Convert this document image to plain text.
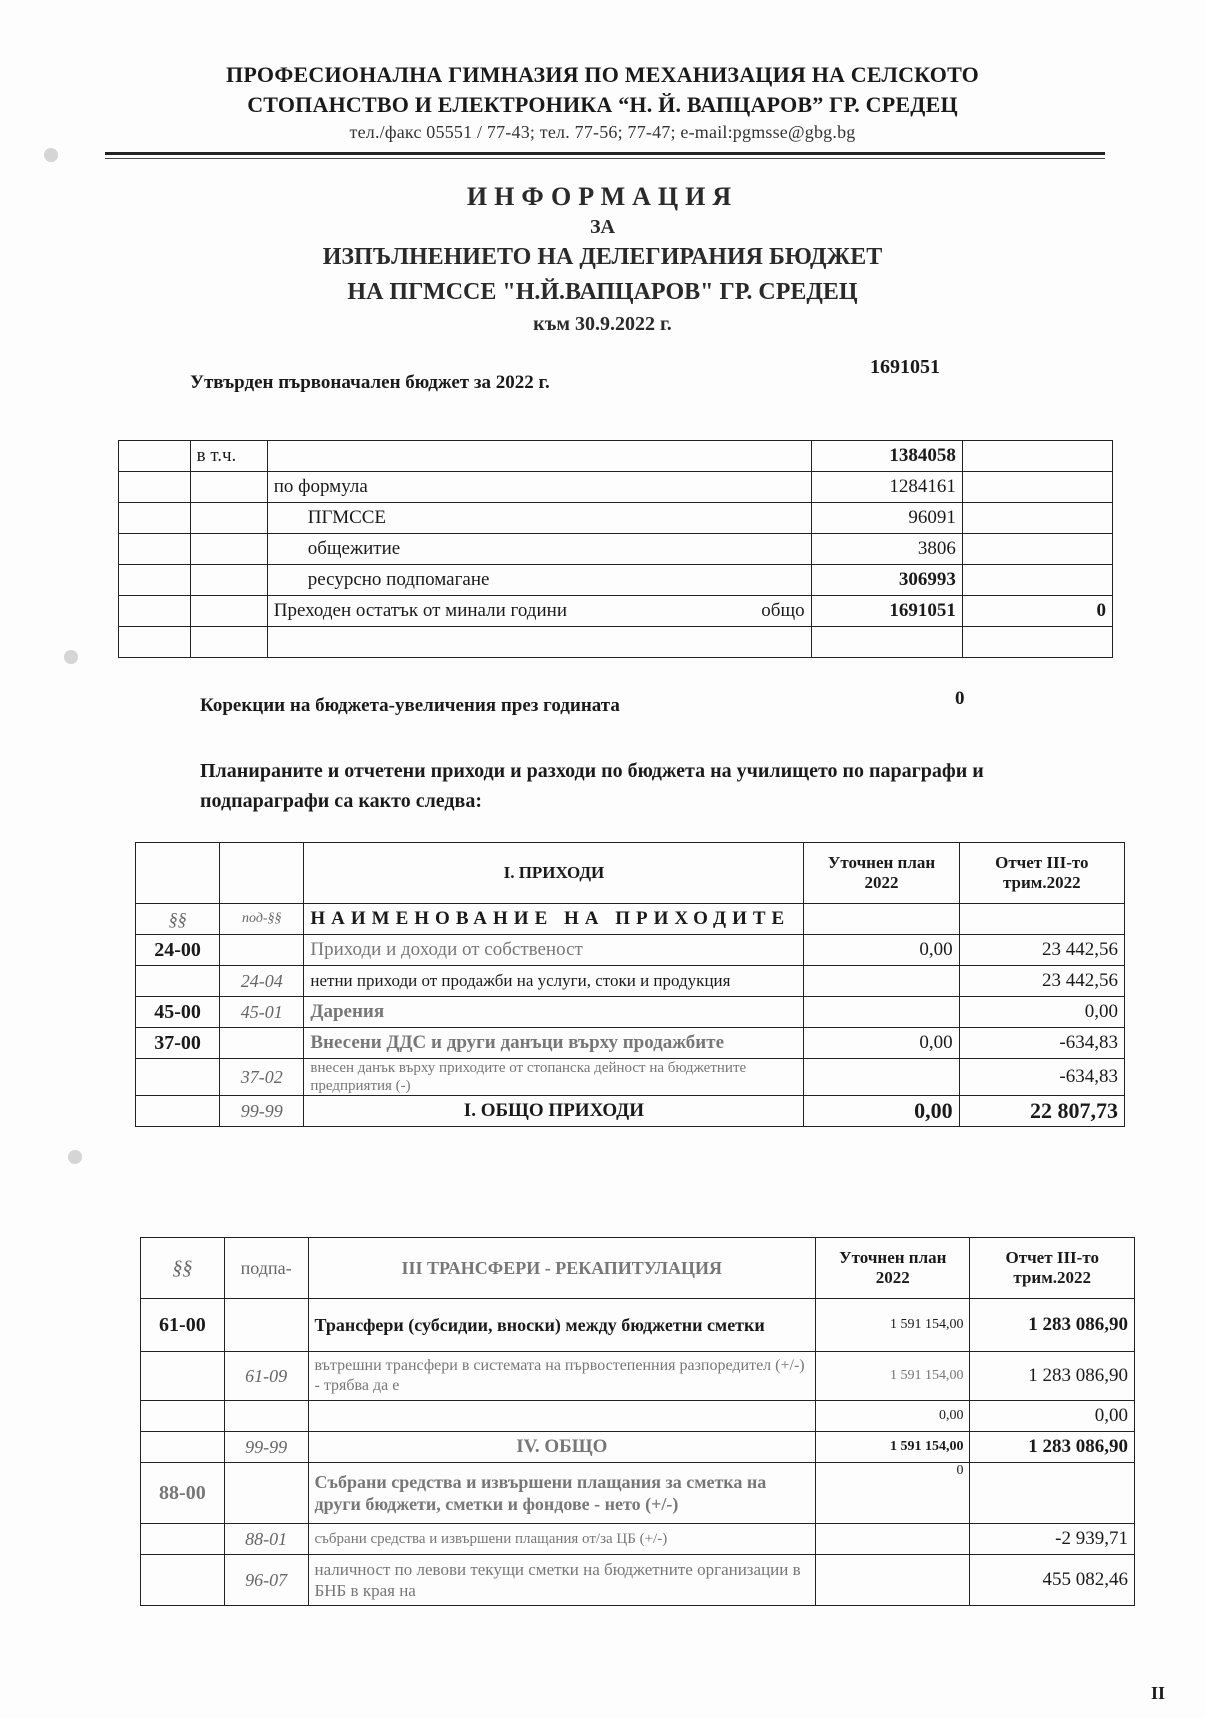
ПРОФЕСИОНАЛНА ГИМНАЗИЯ ПО МЕХАНИЗАЦИЯ НА СЕЛСКОТО
СТОПАНСТВО И ЕЛЕКТРОНИКА “Н. Й. ВАПЦАРОВ” ГР. СРЕДЕЦ
тел./факс 05551 / 77-43; тел. 77-56; 77-47; e-mail:pgmsse@gbg.bg
ИНФОРМАЦИЯ
ЗА
ИЗПЪЛНЕНИЕТО НА ДЕЛЕГИРАНИЯ БЮДЖЕТ
НА ПГМССЕ "Н.Й.ВАПЦАРОВ" ГР. СРЕДЕЦ
към 30.9.2022 г.
Утвърден първоначален бюджет за 2022 г.
1691051
	в т.ч.		1384058	
		по формула	1284161	
		ПГМССЕ	96091	
		общежитие	3806	
		ресурсно подпомагане	306993	
		Преходен остатък от минали години общо	1691051	0

Корекции на бюджета-увеличения през годината	0
Планираните и отчетени приходи и разходи по бюджета на училището по параграфи и
подпараграфи са както следва:
		I. ПРИХОДИ	Уточнен план 2022	Отчет III-то трим.2022
§§	под-§§	НАИМЕНОВАНИЕ НА ПРИХОДИТЕ		
24-00		Приходи и доходи от собственост	0,00	23 442,56
	24-04	нетни приходи от продажби на услуги, стоки и продукция		23 442,56
45-00	45-01	Дарения		0,00
37-00		Внесени ДДС и други данъци върху продажбите	0,00	-634,83
	37-02	внесен данък върху приходите от стопанска дейност на бюджетните предприятия (-)		-634,83
	99-99	I. ОБЩО ПРИХОДИ	0,00	22 807,73
§§	подпа-	III ТРАНСФЕРИ - РЕКАПИТУЛАЦИЯ	Уточнен план 2022	Отчет III-то трим.2022
61-00		Трансфери (субсидии, вноски) между бюджетни сметки	1 591 154,00	1 283 086,90
	61-09	вътрешни трансфери в системата на първостепенния разпоредител (+/-) - трябва да е	1 591 154,00	1 283 086,90
			0,00	0,00
	99-99	IV. ОБЩО	1 591 154,00	1 283 086,90
88-00		Събрани средства и извършени плащания за сметка на други бюджети, сметки и фондове - нето (+/-)	0	
	88-01	събрани средства и извършени плащания от/за ЦБ (+/-)		-2 939,71
	96-07	наличност по левови текущи сметки на бюджетните организации в БНБ в края на		455 082,46
II
